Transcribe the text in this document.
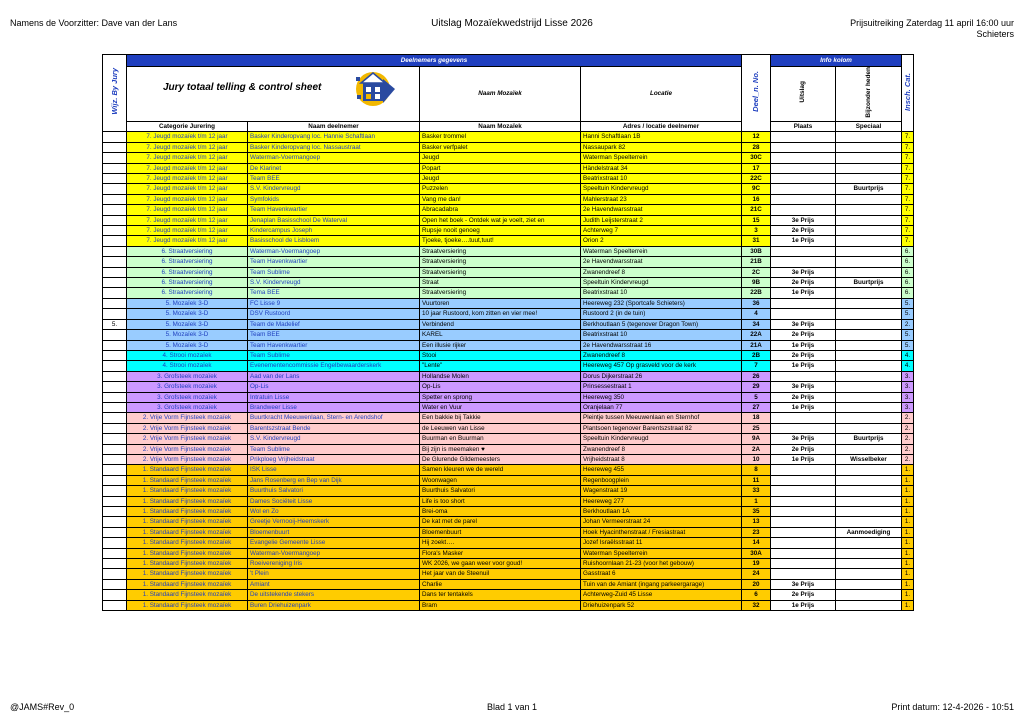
Namens de Voorzitter: Dave van der Lans	Uitslag Mozaïekwedstrijd Lisse 2026	Prijsuitreiking Zaterdag 11 april 16:00 uur
Schieters
Wijz. By Jury	Deelnemers gegevens				Deel_n. No.	Info kolom		Insch. Cat.

	Jury totaal telling & control sheet		Naam Mozaïek	Locatie		Uitslag	Bijzonder heden	
	Categorie Jurering	Naam deelnemer	Naam Mozaïek	Adres / locatie deelnemer		Plaats	Speciaal	
	7. Jeugd mozaïek t/m 12 jaar	Basker Kinderopvang loc. Hannie Schaftlaan	Basker trommel	Hanni Schaftlaan 1B	12			7.
	7. Jeugd mozaïek t/m 12 jaar	Basker Kinderopvang loc. Nassaustraat	Basker verfpalet	Nassaupark 82	28			7.
	7. Jeugd mozaïek t/m 12 jaar	Waterman-Voermangoep	Jeugd	Waterman Speelterrein	30C			7.
	7. Jeugd mozaïek t/m 12 jaar	De Klarinet	Popart	Händelstraat 34	17			7.
	7. Jeugd mozaïek t/m 12 jaar	Team BEE	Jeugd	Beatrixstraat 10	22C			7.
	7. Jeugd mozaïek t/m 12 jaar	S.V. Kindervreugd	Puzzelen	Speeltuin Kindervreugd	9C		Buurtprijs	7.
	7. Jeugd mozaïek t/m 12 jaar	Symfokids	Vang me dan!	Mahlerstraat 23	16			7.
	7. Jeugd mozaïek t/m 12 jaar	Team Havenkwartier	Abracadabra	2e Havendwarsstraat	21C			7.
	7. Jeugd mozaïek t/m 12 jaar	Jenaplan Basisschool De Waterval	Open het boek - Ontdek wat je voelt, ziet en	Judith Leijsterstraat 2	15	3e Prijs		7.
	7. Jeugd mozaïek t/m 12 jaar	Kindercampus Joseph	Rupsje nooit genoeg	Achterweg 7	3	2e Prijs		7.
	7. Jeugd mozaïek t/m 12 jaar	Basisschool de Lisbloem	Tjoeke, tjoeke….tuut,tuut!	Orion 2	31	1e Prijs		7.
	6. Straatversiering	Waterman-Voermangoep	Straatversiering	Waterman Speelterrein	30B			6.
	6. Straatversiering	Team Havenkwartier	Straatversiering	2e Havendwarsstraat	21B			6.
	6. Straatversiering	Team Sublime	Straatversiering	Zwanendreef 8	2C	3e Prijs		6.
	6. Straatversiering	S.V. Kindervreugd	Straat	Speeltuin Kindervreugd	9B	2e Prijs	Buurtprijs	6.
	6. Straatversiering	Tema BEE	Straatversiering	Beatrixstraat 10	22B	1e Prijs		6.
	5. Mozaïek 3-D	FC Lisse 9	Vuurtoren	Heereweg 232 (Sportcafe Schieters)	36			5.
	5. Mozaïek 3-D	DSV Rustoord	10 jaar Rustoord, kom zitten en vier mee!	Rustoord 2 (in de tuin)	4			5.
5.	5. Mozaïek 3-D	Team de Madelief	Verbindend	Berkhoutlaan 5 (tegenover Dragon Town)	34	3e Prijs		2.
	5. Mozaïek 3-D	Team BEE	KAREL	Beatrixstraat 10	22A	2e Prijs		5.
	5. Mozaïek 3-D	Team Havenkwartier	Een illusie rijker	2e Havendwarsstraat 16	21A	1e Prijs		5.
	4. Strooi mozaïek	Team Sublime	Stooi	Zwanendreef 8	2B	2e Prijs		4.
	4. Strooi mozaïek	Evenementencommissie Engelbewaarderskerk	"Lente"	Heereweg 457 Op grasveld voor de kerk	7	1e Prijs		4.
	3. Grofsteek mozaïek	Aad van der Lans	Hollandse Molen	Dorus Dijkerstraat 26	26			3.
	3. Grofsteek mozaïek	Op-Lis	Op-Lis	Prinsessestraat 1	29	3e Prijs		3.
	3. Grofsteek mozaïek	Intratuin Lisse	Spetter en sprong	Heereweg 350	5	2e Prijs		3.
	3. Grofsteek mozaïek	Brandweer Lisse	Water en Vuur	Oranjelaan 77	27	1e Prijs		3.
	2. Vrije Vorm Fijnsteek mozaïek	Buurtkracht Meeuwenlaan, Stern- en Arendshof	Een bakkie bij Takkie	Pleintje tussen Meeuwenlaan en Sternhof	18			2.
	2. Vrije Vorm Fijnsteek mozaïek	Barentszstraat Bende	de Leeuwen van Lisse	Plantsoen tegenover Barentszstraat 82	25			2.
	2. Vrije Vorm Fijnsteek mozaïek	S.V. Kindervreugd	Buurman en Buurman	Speeltuin Kindervreugd	9A	3e Prijs	Buurtprijs	2.
	2. Vrije Vorm Fijnsteek mozaïek	Team Sublime	Bij zijn is meemaken ♥	Zwanendreef 8	2A	2e Prijs		2.
	2. Vrije Vorm Fijnsteek mozaïek	Prikploeg Vrijheidstraat	De Glurende Gildemeesters	Vrijheidstraat 8	10	1e Prijs	Wisselbeker	2.
	1. Standaard Fijnsteek mozaïek	ISK Lisse	Samen kleuren we de wereld	Heereweg 455	8			1.
	1. Standaard Fijnsteek mozaïek	Jans Rosenberg en Bep van Dijk	Woonwagen	Regenboogplein	11			1.
	1. Standaard Fijnsteek mozaïek	Buurthuis Salvatori	Buurthuis Salvatori	Wagenstraat 19	33			1.
	1. Standaard Fijnsteek mozaïek	Dames Sociëteit Lisse	Life is too short	Heereweg 277	1			1.
	1. Standaard Fijnsteek mozaïek	Wol en Zo	Brei-oma	Berkhoutlaan 1A	35			1.
	1. Standaard Fijnsteek mozaïek	Greetje Vernooij-Heemskerk	De kat met de parel	Johan Vermeerstraat 24	13			1.
	1. Standaard Fijnsteek mozaïek	Bloemenbuurt	Bloemenbuurt	Hoek Hyacinthenstraat / Fresiastraat	23		Aanmoediging	1.
	1. Standaard Fijnsteek mozaïek	Evangelie Gemeente Lisse	Hij zoekt….	Jozef Israëlsstraat 11	14			1.
	1. Standaard Fijnsteek mozaïek	Waterman-Voermangoep	Flora's Masker	Waterman Speelterrein	30A			1.
	1. Standaard Fijnsteek mozaïek	Roeivereniging Iris	WK 2026, we gaan weer voor goud!	Ruishoornlaan 21-23 (voor het gebouw)	19			1.
	1. Standaard Fijnsteek mozaïek	't Plein	Het jaar van de Steenuil	Gasstraat 6	24			1.
	1. Standaard Fijnsteek mozaïek	Amiant	Charlie	Tuin van de Amiant (ingang parkeergarage)	20	3e Prijs		1.
	1. Standaard Fijnsteek mozaïek	De uitstekende stekers	Dans ter tentakels	Achterweg-Zuid 45 Lisse	6	2e Prijs		1.
	1. Standaard Fijnsteek mozaïek	Buren Driehuizenpark	Bram	Driehuizenpark 52	32	1e Prijs		1.
@JAMS#Rev_0	Blad 1 van 1	Print datum: 12-4-2026 - 10:51
